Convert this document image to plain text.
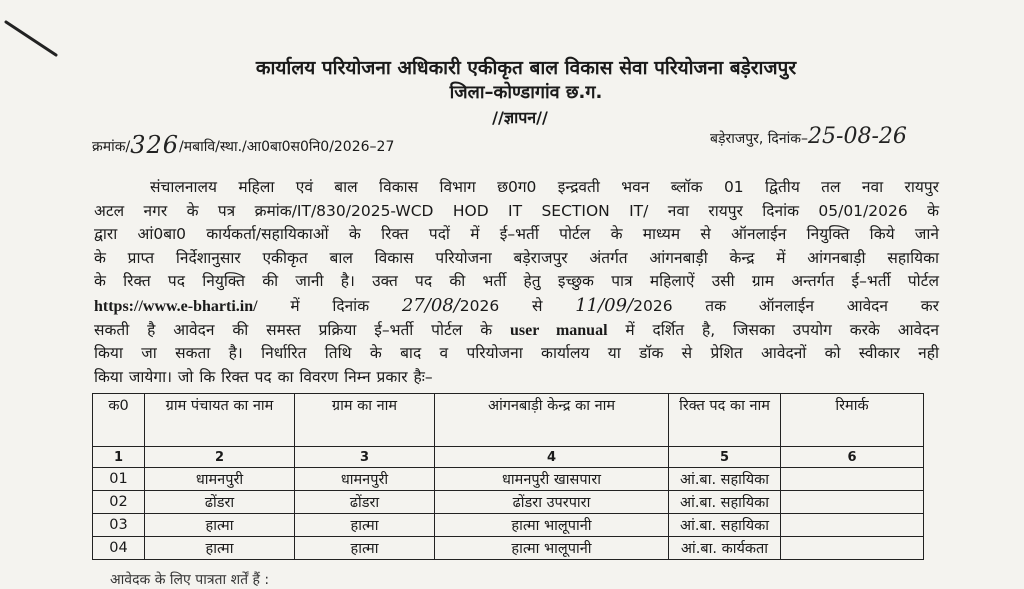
कार्यालय परियोजना अधिकारी एकीकृत बाल विकास सेवा परियोजना बड़ेराजपुर
जिला–कोण्डागांव छ.ग.
//ज्ञापन//
क्रमांक/326/मबावि/स्था./आ0बा0स0नि0/2026–27	बड़ेराजपुर, दिनांक–25-08-26
संचालनालय महिला एवं बाल विकास विभाग छ0ग0 इन्द्रवती भवन ब्लॉक 01 द्वितीय तल नवा रायपुर
अटल नगर के पत्र क्रमांक/IT/830/2025-WCD HOD IT SECTION IT/ नवा रायपुर दिनांक 05/01/2026 के
द्वारा आं0बा0 कार्यकर्ता/सहायिकाओं के रिक्त पदों में ई–भर्ती पोर्टल के माध्यम से ऑनलाईन नियुक्ति किये जाने
के प्राप्त निर्देशानुसार एकीकृत बाल विकास परियोजना बड़ेराजपुर अंतर्गत आंगनबाड़ी केन्द्र में आंगनबाड़ी सहायिका
के रिक्त पद नियुक्ति की जानी है। उक्त पद की भर्ती हेतु इच्छुक पात्र महिलाऐं उसी ग्राम अन्तर्गत ई–भर्ती पोर्टल
https://www.e-bharti.in/ में दिनांक 27/08/2026 से 11/09/2026 तक ऑनलाईन आवेदन कर
सकती है आवेदन की समस्त प्रक्रिया ई–भर्ती पोर्टल के user manual में दर्शित है, जिसका उपयोग करके आवेदन
किया जा सकता है। निर्धारित तिथि के बाद व परियोजना कार्यालय या डॉक से प्रेशित आवेदनों को स्वीकार नही
किया जायेगा। जो कि रिक्त पद का विवरण निम्न प्रकार हैः–
क0	ग्राम पंचायत का नाम	ग्राम का नाम	आंगनबाड़ी केन्द्र का नाम	रिक्त पद का नाम	रिमार्क
1	2	3	4	5	6
01	धामनपुरी	धामनपुरी	धामनपुरी खासपारा	आं.बा. सहायिका	
02	ढोंडरा	ढोंडरा	ढोंडरा उपरपारा	आं.बा. सहायिका	
03	हात्मा	हात्मा	हात्मा भालूपानी	आं.बा. सहायिका	
04	हात्मा	हात्मा	हात्मा भालूपानी	आं.बा. कार्यकता	
आवेदक के लिए पात्रता शर्तें हैं :
